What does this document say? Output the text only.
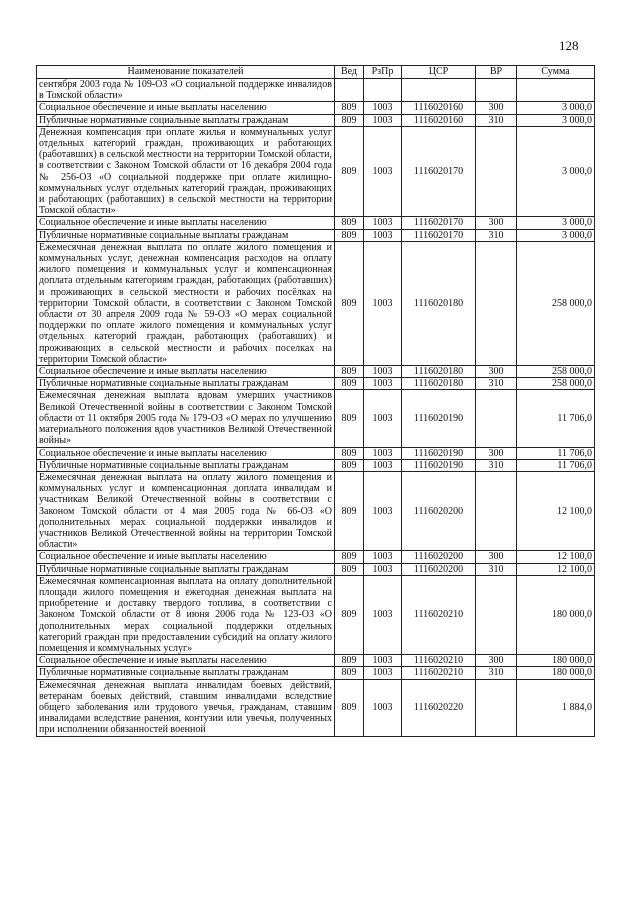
128
Наименование показателей	Вед	РзПр	ЦСР	ВР	Сумма
сентября 2003 года № 109-ОЗ «О социальной поддержке инвалидов в Томской области»					
Социальное обеспечение и иные выплаты населению	809	1003	1116020160	300	3 000,0
Публичные нормативные социальные выплаты гражданам	809	1003	1116020160	310	3 000,0
Денежная компенсация при оплате жилья и коммунальных услуг отдельных категорий граждан, проживающих и работающих (работавших) в сельской местности на территории Томской области, в соответствии с Законом Томской области от 16 декабря 2004 года № 256-ОЗ «О социальной поддержке при оплате жилищно-коммунальных услуг отдельных категорий граждан, проживающих и работающих (работавших) в сельской местности на территории Томской области»	809	1003	1116020170		3 000,0
Социальное обеспечение и иные выплаты населению	809	1003	1116020170	300	3 000,0
Публичные нормативные социальные выплаты гражданам	809	1003	1116020170	310	3 000,0
Ежемесячная денежная выплата по оплате жилого помещения и коммунальных услуг, денежная компенсация расходов на оплату жилого помещения и коммунальных услуг и компенсационная доплата отдельным категориям граждан, работающих (работавших) и проживающих в сельской местности и рабочих посёлках на территории Томской области, в соответствии с Законом Томской области от 30 апреля 2009 года № 59-ОЗ «О мерах социальной поддержки по оплате жилого помещения и коммунальных услуг отдельных категорий граждан, работающих (работавших) и проживающих в сельской местности и рабочих поселках на территории Томской области»	809	1003	1116020180		258 000,0
Социальное обеспечение и иные выплаты населению	809	1003	1116020180	300	258 000,0
Публичные нормативные социальные выплаты гражданам	809	1003	1116020180	310	258 000,0
Ежемесячная денежная выплата вдовам умерших участников Великой Отечественной войны в соответствии с Законом Томской области от 11 октября 2005 года № 179-ОЗ «О мерах по улучшению материального положения вдов участников Великой Отечественной войны»	809	1003	1116020190		11 706,0
Социальное обеспечение и иные выплаты населению	809	1003	1116020190	300	11 706,0
Публичные нормативные социальные выплаты гражданам	809	1003	1116020190	310	11 706,0
Ежемесячная денежная выплата на оплату жилого помещения и коммунальных услуг и компенсационная доплата инвалидам и участникам Великой Отечественной войны в соответствии с Законом Томской области от 4 мая 2005 года № 66-ОЗ «О дополнительных мерах социальной поддержки инвалидов и участников Великой Отечественной войны на территории Томской области»	809	1003	1116020200		12 100,0
Социальное обеспечение и иные выплаты населению	809	1003	1116020200	300	12 100,0
Публичные нормативные социальные выплаты гражданам	809	1003	1116020200	310	12 100,0
Ежемесячная компенсационная выплата на оплату дополнительной площади жилого помещения и ежегодная денежная выплата на приобретение и доставку твердого топлива, в соответствии с Законом Томской области от 8 июня 2006 года № 123-ОЗ «О дополнительных мерах социальной поддержки отдельных категорий граждан при предоставлении субсидий на оплату жилого помещения и коммунальных услуг»	809	1003	1116020210		180 000,0
Социальное обеспечение и иные выплаты населению	809	1003	1116020210	300	180 000,0
Публичные нормативные социальные выплаты гражданам	809	1003	1116020210	310	180 000,0
Ежемесячная денежная выплата инвалидам боевых действий, ветеранам боевых действий, ставшим инвалидами вследствие общего заболевания или трудового увечья, гражданам, ставшим инвалидами вследствие ранения, контузии или увечья, полученных при исполнении обязанностей военной	809	1003	1116020220		1 884,0
